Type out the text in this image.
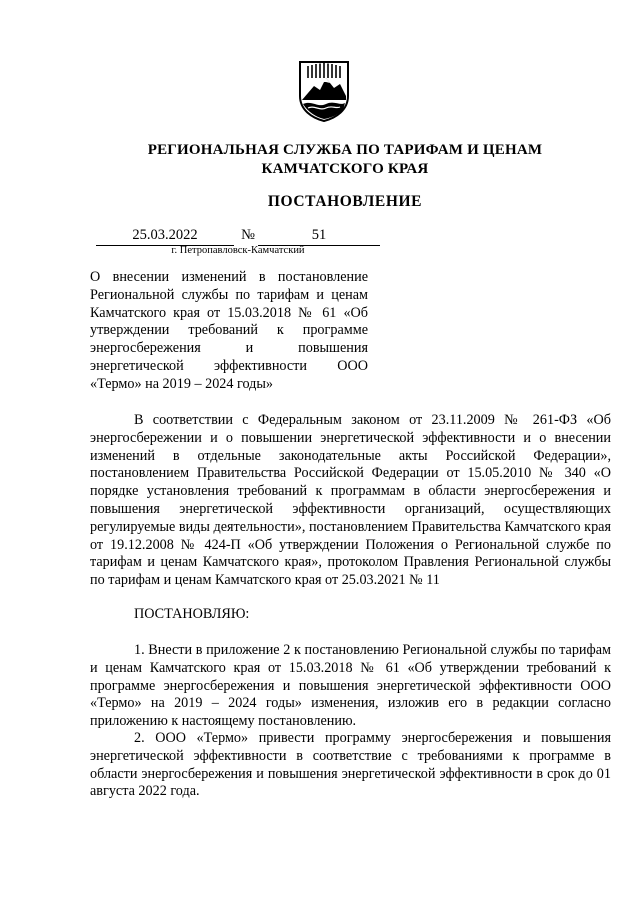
РЕГИОНАЛЬНАЯ СЛУЖБА ПО ТАРИФАМ И ЦЕНАМ
КАМЧАТСКОГО КРАЯ
ПОСТАНОВЛЕНИЕ
25.03.2022	№	51
г. Петропавловск-Камчатский
О внесении изменений в постановление Региональной службы по тарифам и ценам Камчатского края от 15.03.2018 № 61 «Об утверждении требований к программе энергосбережения и повышения энергетической эффективности ООО «Термо» на 2019 – 2024 годы»
В соответствии с Федеральным законом от 23.11.2009 № 261-ФЗ «Об энергосбережении и о повышении энергетической эффективности и о внесении изменений в отдельные законодательные акты Российской Федерации», постановлением Правительства Российской Федерации от 15.05.2010 № 340 «О порядке установления требований к программам в области энергосбережения и повышения энергетической эффективности организаций, осуществляющих регулируемые виды деятельности», постановлением Правительства Камчатского края от 19.12.2008 № 424-П «Об утверждении Положения о Региональной службе по тарифам и ценам Камчатского края», протоколом Правления Региональной службы по тарифам и ценам Камчатского края от 25.03.2021 № 11
ПОСТАНОВЛЯЮ:
1. Внести в приложение 2 к постановлению Региональной службы по тарифам и ценам Камчатского края от 15.03.2018 № 61 «Об утверждении требований к программе энергосбережения и повышения энергетической эффективности ООО «Термо» на 2019 – 2024 годы» изменения, изложив его в редакции согласно приложению к настоящему постановлению.
2. ООО «Термо» привести программу энергосбережения и повышения энергетической эффективности в соответствие с требованиями к программе в области энергосбережения и повышения энергетической эффективности в срок до 01 августа 2022 года.
